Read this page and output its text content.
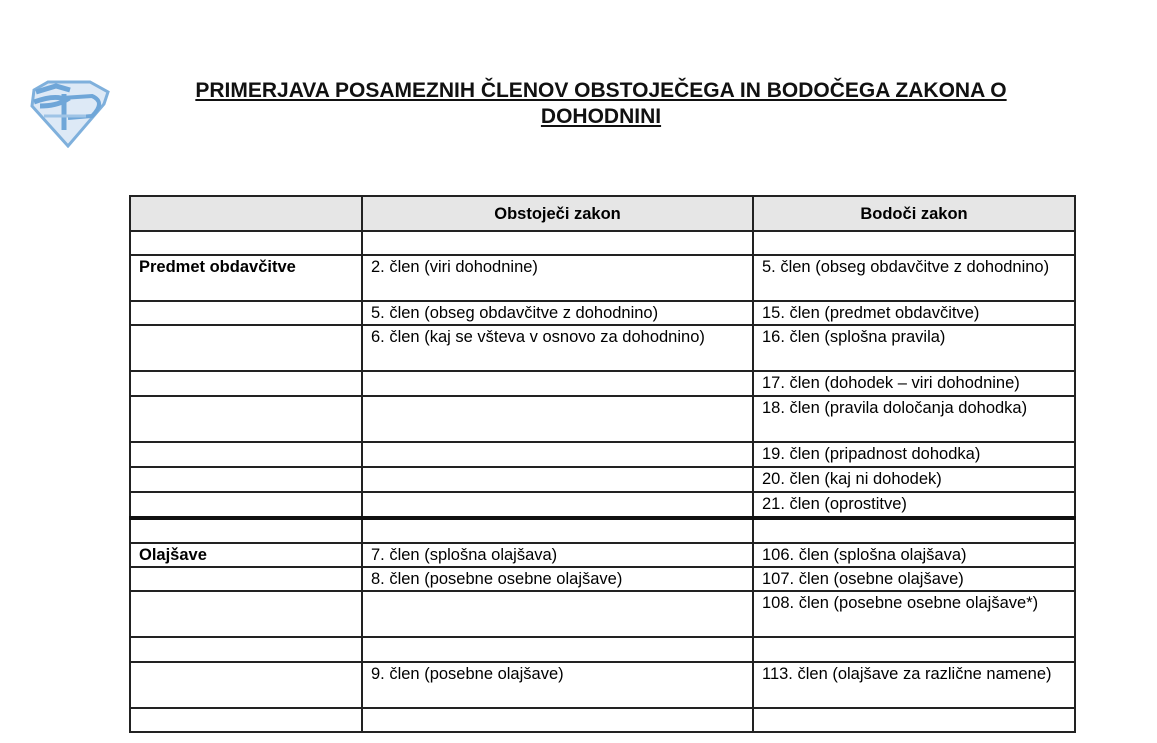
PRIMERJAVA POSAMEZNIH ČLENOV OBSTOJEČEGA IN BODOČEGA ZAKONA O DOHODNINI
	Obstoječi zakon	Bodoči zakon

Predmet obdavčitve	2. člen (viri dohodnine)	5. člen (obseg obdavčitve z dohodnino)

	5. člen (obseg obdavčitve z dohodnino)	15. člen (predmet obdavčitve)

	6. člen (kaj se všteva v osnovo za dohodnino)	16. člen (splošna pravila)

		17. člen (dohodek – viri dohodnine)

		18. člen (pravila določanja dohodka)

		19. člen (pripadnost dohodka)

		20. člen (kaj ni dohodek)

		21. člen (oprostitve)

Olajšave	7. člen (splošna olajšava)	106. člen (splošna olajšava)

	8. člen (posebne osebne olajšave)	107. člen (osebne olajšave)

		108. člen (posebne osebne olajšave*)

	9. člen (posebne olajšave)	113. člen (olajšave za različne namene)
